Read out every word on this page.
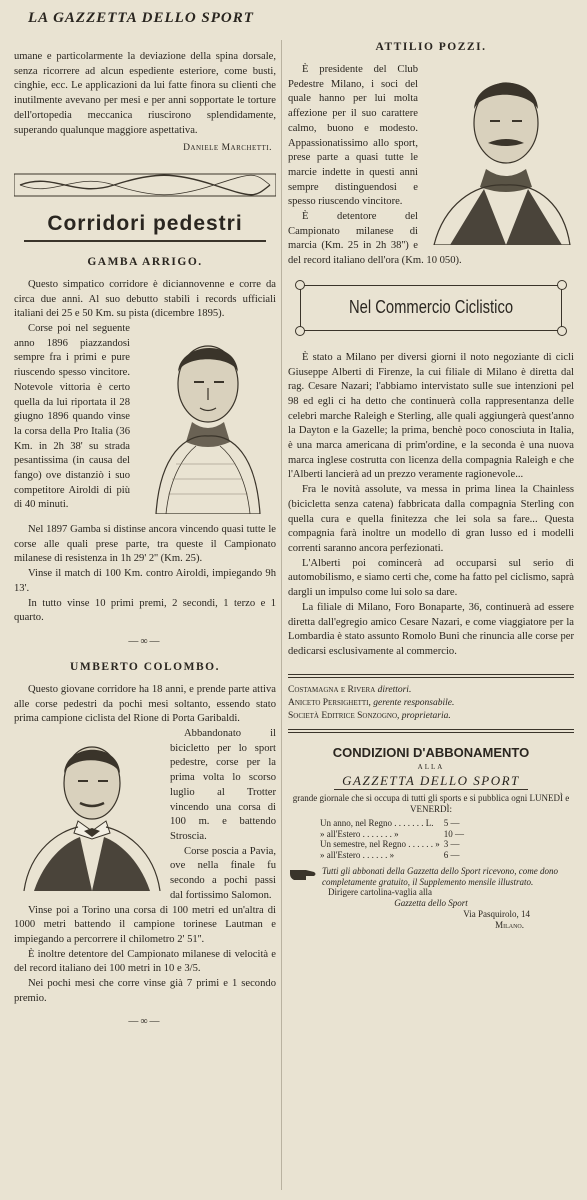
LA GAZZETTA DELLO SPORT

umane e particolarmente la deviazione della spina dorsale, senza ricorrere ad alcun espediente esteriore, come busti, cinghie, ecc. Le applicazioni da lui fatte finora su clienti che inutilmente avevano per mesi e per anni sopportate le torture dell'ortopedia meccanica riuscirono splendidamente, superando qualunque maggiore aspettativa.

Daniele Marchetti.

Corridori pedestri
GAMBA ARRIGO.

Questo simpatico corridore è diciannovenne e corre da circa due anni. Al suo debutto stabilì i records ufficiali italiani dei 25 e 50 Km. su pista (dicembre 1895).

Corse poi nel seguente anno 1896 piazzandosi sempre fra i primi e pure riuscendo spesso vincitore. Notevole vittoria è certo quella da lui riportata il 28 giugno 1896 quando vinse la corsa della Pro Italia (36 Km. in 2h 38' su strada pesantissima (in causa del fango) ove distanziò i suo competitore Airoldi di più di 40 minuti.

Nel 1897 Gamba si distinse ancora vincendo quasi tutte le corse alle quali prese parte, tra queste il Campionato milanese di resistenza in 1h 29' 2'' (Km. 25).

Vinse il match di 100 Km. contro Airoldi, impiegando 9h 13'.

In tutto vinse 10 primi premi, 2 secondi, 1 terzo e 1 quarto.

—∞—
UMBERTO COLOMBO.

Questo giovane corridore ha 18 anni, e prende parte attiva alle corse pedestri da pochi mesi soltanto, essendo stato prima campione ciclista del Rione di Porta Garibaldi.

Abbandonato il bicicletto per lo sport pedestre, corse per la prima volta lo scorso luglio al Trotter vincendo una corsa di 100 m. e battendo Stroscia.

Corse poscia a Pavia, ove nella finale fu secondo a pochi passi dal fortissimo Salomon.

Vinse poi a Torino una corsa di 100 metri ed un'altra di 1000 metri battendo il campione torinese Lautman e impiegando a percorrere il chilometro 2' 51''.

È inoltre detentore del Campionato milanese di velocità e del record italiano dei 100 metri in 10 e 3/5.

Nei pochi mesi che corre vinse già 7 primi e 1 secondo premio.

—∞—
ATTILIO POZZI.

È presidente del Club Pedestre Milano, i soci del quale hanno per lui molta affezione per il suo carattere calmo, buono e modesto. Appassionatissimo allo sport, prese parte a quasi tutte le marcie indette in questi anni sempre distinguendosi e spesso riuscendo vincitore.

È detentore del Campionato milanese di marcia (Km. 25 in 2h 38'') e del record italiano dell'ora (Km. 10 050).

Nel Commercio Ciclistico

È stato a Milano per diversi giorni il noto negoziante di cicli Giuseppe Alberti di Firenze, la cui filiale di Milano è diretta dal rag. Cesare Nazari; l'abbiamo intervistato sulle sue intenzioni pel 98 ed egli ci ha detto che continuerà colla rappresentanza delle celebri marche Raleigh e Sterling, alle quali aggiungerà quest'anno la Dayton e la Gazelle; la prima, benchè poco conosciuta in Italia, è una marca americana di prim'ordine, e la seconda è una nuova marca inglese costrutta con licenza della compagnia Raleigh e che l'Alberti lancierà ad un prezzo veramente ragionevole...

Fra le novità assolute, va messa in prima linea la Chainless (bicicletta senza catena) fabbricata dalla compagnia Sterling con quella cura e quella finitezza che lei sola sa fare... Questa compagnia farà inoltre un modello di gran lusso ed i modelli correnti saranno ancora perfezionati.

L'Alberti poi comincerà ad occuparsi sul serio di automobilismo, e siamo certi che, come ha fatto pel ciclismo, saprà dargli un impulso come lui solo sa dare.

La filiale di Milano, Foro Bonaparte, 36, continuerà ad essere diretta dall'egregio amico Cesare Nazari, e come viaggiatore per la Lombardia è stato assunto Romolo Buni che rinuncia alle corse per dedicarsi esclusivamente al commercio.

Costamagna e Rivera direttori.

Aniceto Persighetti, gerente responsabile.

Società Editrice Sonzogno, proprietaria.

CONDIZIONI D'ABBONAMENTO

ALLA

GAZZETTA DELLO SPORT

grande giornale che si occupa di tutti gli sports e si pubblica ogni LUNEDÌ e VENERDÌ:

Un anno, nel Regno . . . . . . . L.	5 —
» all'Estero . . . . . . . »	10 —
Un semestre, nel Regno . . . . . . »	3 —
» all'Estero . . . . . . »	6 —

Tutti gli abbonati della Gazzetta dello Sport ricevono, come dono completamente gratuito, il Supplemento mensile illustrato.

Dirigere cartolina-vaglia alla

Gazzetta dello Sport

Via Pasquirolo, 14

Milano.
